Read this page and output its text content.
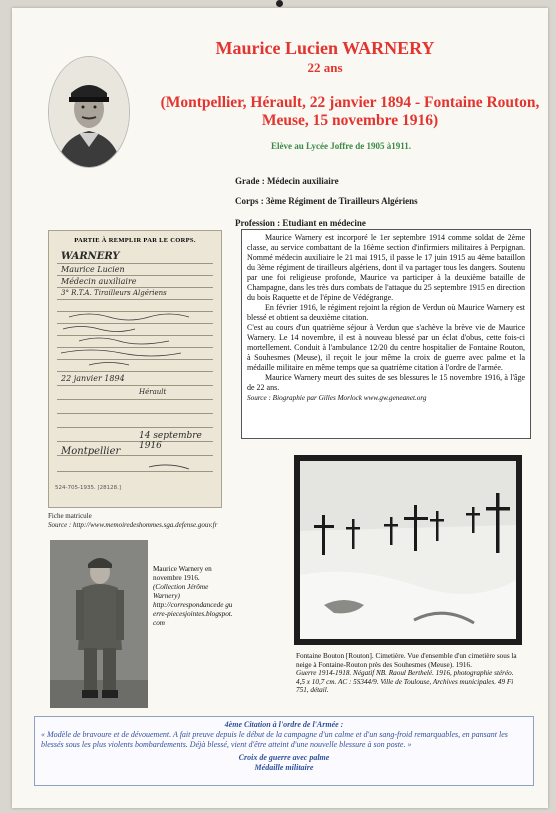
Maurice Lucien WARNERY
22 ans
(Montpellier, Hérault, 22 janvier 1894 - Fontaine Routon, Meuse, 15 novembre 1916)
Elève au Lycée Joffre de 1905 à1911.
Grade : Médecin auxiliaire
Corps : 3ème Régiment de Tirailleurs Algériens
Profession : Etudiant en médecine

Maurice Warnery est incorporé le 1er septembre 1914 comme soldat de 2ème classe, au service combattant de la 16ème section d'infirmiers militaires à Perpignan. Nommé médecin auxiliaire le 21 mai 1915, il passe le 17 juin 1915 au 4ème bataillon du 3ème régiment de tirailleurs algériens, dont il va partager tous les dangers. Soutenu par une foi religieuse profonde, Maurice va participer à la deuxième bataille de Champagne, dans les très durs combats de l'attaque du 25 septembre 1915 en direction du bois Raquette et de l'épine de Védégrange.

En février 1916, le régiment rejoint la région de Verdun où Maurice Warnery est blessé et obtient sa deuxième citation.

C'est au cours d'un quatrième séjour à Verdun que s'achève la brève vie de Maurice Warnery. Le 14 novembre, il est à nouveau blessé par un éclat d'obus, cette fois-ci mortellement. Conduit à l'ambulance 12/20 du centre hospitalier de Fontaine Routon, à Souhesmes (Meuse), il reçoit le jour même la croix de guerre avec palme et la médaille militaire en même temps que sa quatrième citation à l'ordre de l'armée.

Maurice Warnery meurt des suites de ses blessures le 15 novembre 1916, à l'âge de 22 ans.

Source : Biographie par Gilles Morlock www.gw.geneanet.org

PARTIE À REMPLIR PAR LE CORPS.
WARNERY
Maurice Lucien
Médecin auxiliaire
3° R.T.A. Tirailleurs Algériens
22 janvier 1894
Hérault
14 septembre 1916
Montpellier
524-705-1935. [28128.]
Fiche matricule
Source : http://www.memoiredeshommes.sga.defense.gouv.fr
Maurice Warnery en novembre 1916.
(Collection Jérôme Warnery)
http://correspondancede guerre-piecesjointes.blogspot.com
Fontaine Bouton [Routon]. Cimetière. Vue d'ensemble d'un cimetière sous la neige à Fontaine-Routon près des Souhesmes (Meuse). 1916.
Guerre 1914-1918. Négatif NB. Raoul Berthelé. 1916, photographie stéréo. 4,5 x 10,7 cm. AC : 5S344/9. Ville de Toulouse, Archives municipales. 49 Fi 751, détail.
4ème Citation à l'ordre de l'Armée :
« Modèle de bravoure et de dévouement. A fait preuve depuis le début de la campagne d'un calme et d'un sang-froid remarquables, en pansant les blessés sous les plus violents bombardements. Déjà blessé, vient d'être atteint d'une nouvelle blessure à son poste. »
Croix de guerre avec palme
Médaille militaire
